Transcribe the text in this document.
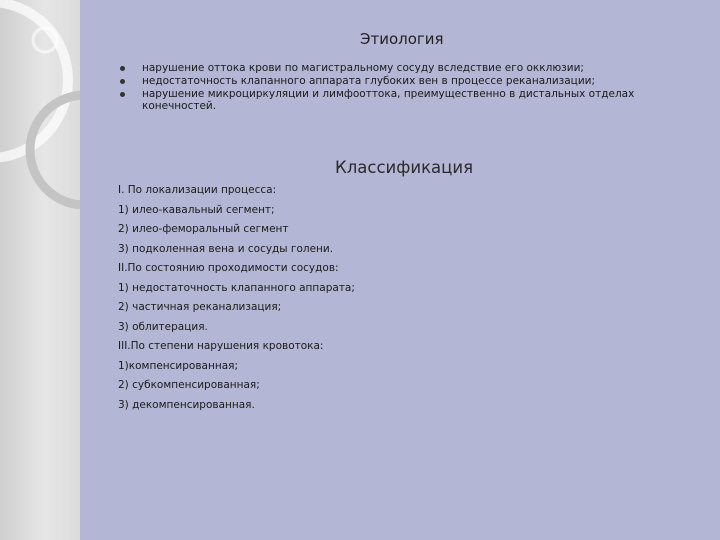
Этиология
нарушение оттока крови по магистральному сосуду вследствие его окклюзии;
недостаточность клапанного аппарата глубоких вен в процессе реканализации;
нарушение микроциркуляции и лимфооттока, преимущественно в дистальных отделах конечностей.
Классификация
I. По локализации процесса:
1) илео-кавальный сегмент;
2) илео-феморальный сегмент
3) подколенная вена и сосуды голени.
II.По состоянию проходимости сосудов:
1) недостаточность клапанного аппарата;
2) частичная реканализация;
3) облитерация.
III.По степени нарушения кровотока:
1)компенсированная;
2) субкомпенсированная;
3) декомпенсированная.
